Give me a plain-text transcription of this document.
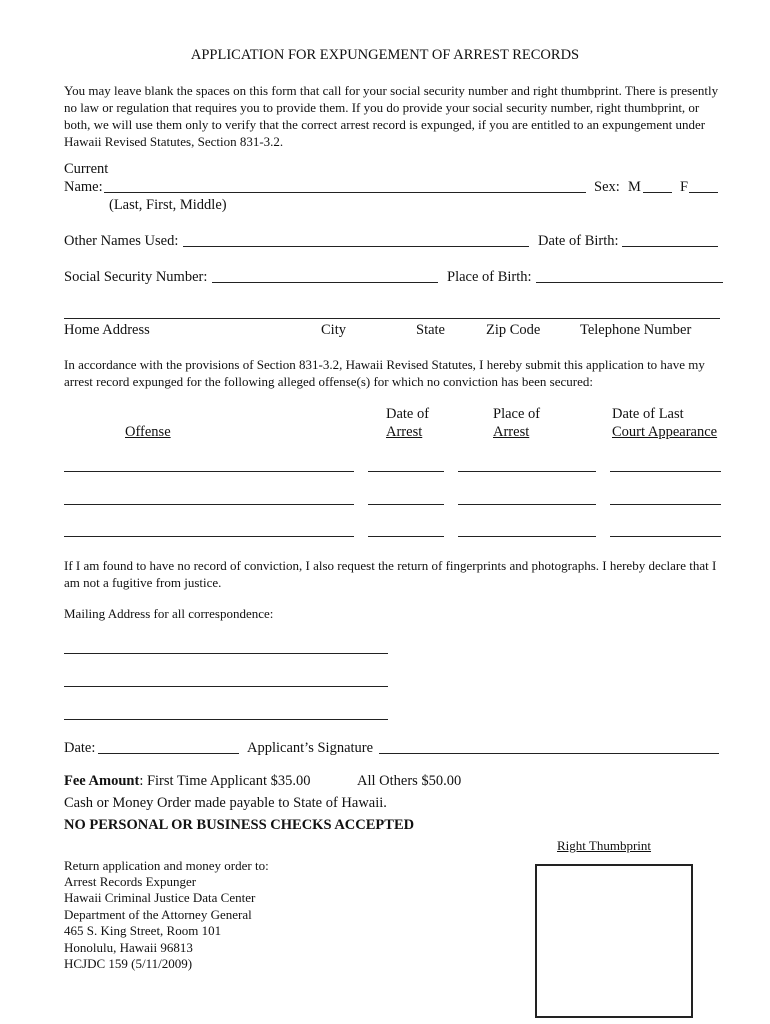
APPLICATION FOR EXPUNGEMENT OF ARREST RECORDS
You may leave blank the spaces on this form that call for your social security number and right thumbprint. There is presently no law or regulation that requires you to provide them. If you do provide your social security number, right thumbprint, or both, we will use them only to verify that the correct arrest record is expunged, if you are entitled to an expungement under Hawaii Revised Statutes, Section 831-3.2.
Current
Name:	Sex: M	F
(Last, First, Middle)
Other Names Used:	Date of Birth:
Social Security Number:	Place of Birth:
Home Address	City	State	Zip Code	Telephone Number
In accordance with the provisions of Section 831-3.2, Hawaii Revised Statutes, I hereby submit this application to have my arrest record expunged for the following alleged offense(s) for which no conviction has been secured:
Date of	Place of	Date of Last
Offense	Arrest	Arrest	Court Appearance
If I am found to have no record of conviction, I also request the return of fingerprints and photographs. I hereby declare that I am not a fugitive from justice.
Mailing Address for all correspondence:
Date:	Applicant’s Signature
Fee Amount: First Time Applicant $35.00	All Others $50.00
Cash or Money Order made payable to State of Hawaii.
NO PERSONAL OR BUSINESS CHECKS ACCEPTED
Right Thumbprint
Return application and money order to:
Arrest Records Expunger
Hawaii Criminal Justice Data Center
Department of the Attorney General
465 S. King Street, Room 101
Honolulu, Hawaii 96813
HCJDC 159 (5/11/2009)
